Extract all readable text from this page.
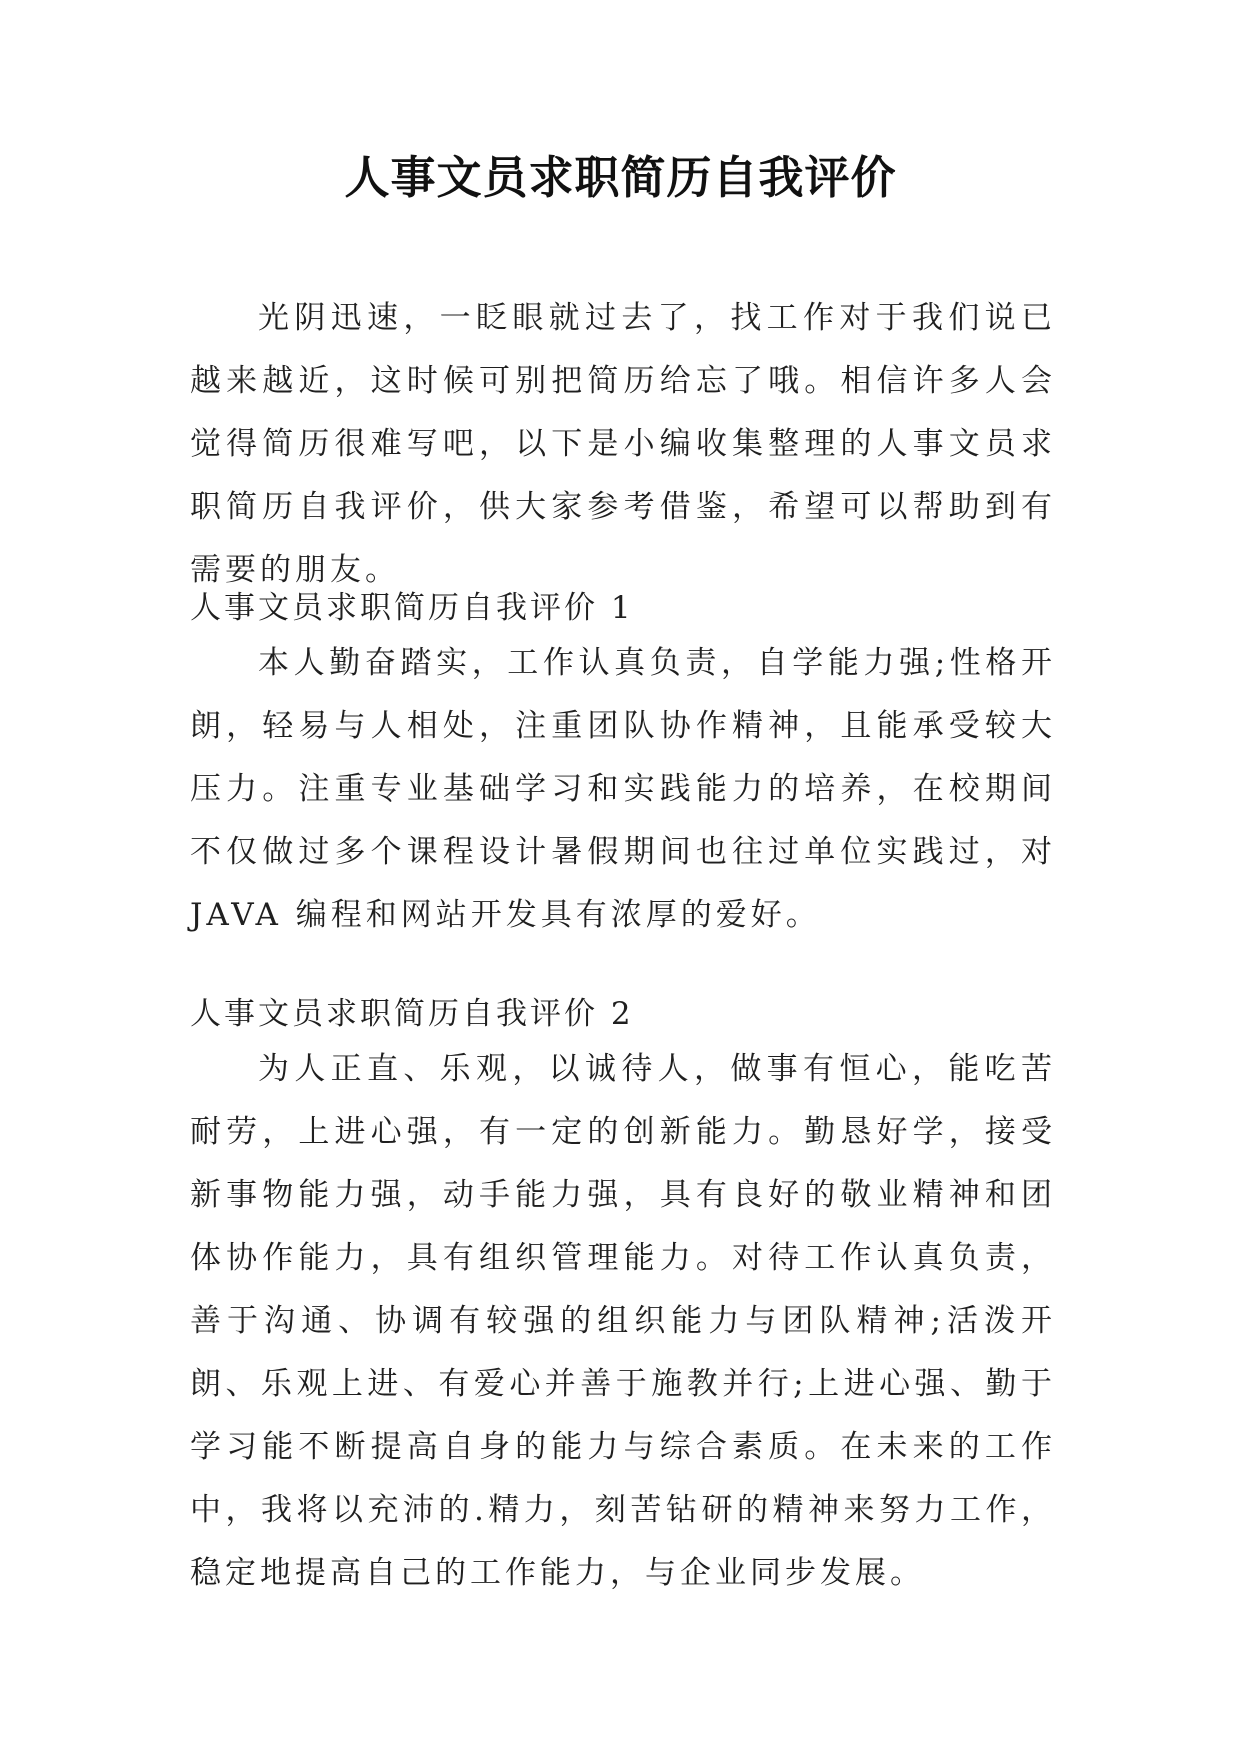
人事文员求职简历自我评价

光阴迅速，一眨眼就过去了，找工作对于我们说已越来越近，这时候可别把简历给忘了哦。相信许多人会觉得简历很难写吧，以下是小编收集整理的人事文员求职简历自我评价，供大家参考借鉴，希望可以帮助到有需要的朋友。

人事文员求职简历自我评价 1

本人勤奋踏实，工作认真负责，自学能力强;性格开朗，轻易与人相处，注重团队协作精神，且能承受较大压力。注重专业基础学习和实践能力的培养，在校期间不仅做过多个课程设计暑假期间也往过单位实践过，对 JAVA 编程和网站开发具有浓厚的爱好。

人事文员求职简历自我评价 2

为人正直、乐观，以诚待人，做事有恒心，能吃苦耐劳，上进心强，有一定的创新能力。勤恳好学，接受新事物能力强，动手能力强，具有良好的敬业精神和团体协作能力，具有组织管理能力。对待工作认真负责，善于沟通、协调有较强的组织能力与团队精神;活泼开朗、乐观上进、有爱心并善于施教并行;上进心强、勤于学习能不断提高自身的能力与综合素质。在未来的工作中，我将以充沛的.精力，刻苦钻研的精神来努力工作，稳定地提高自己的工作能力，与企业同步发展。
